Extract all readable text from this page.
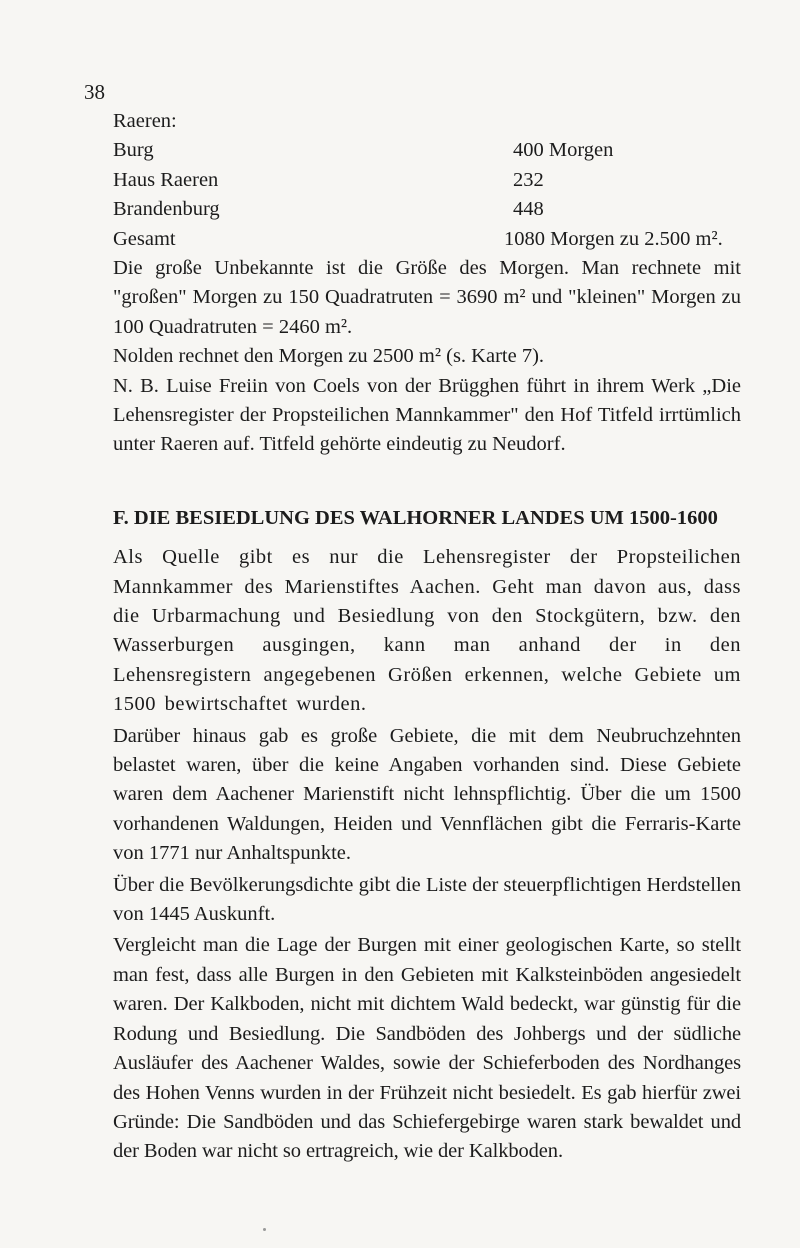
38
Raeren:
Burg	400 Morgen
Haus Raeren	232
Brandenburg	448
Gesamt	1080 Morgen zu 2.500 m².

Die große Unbekannte ist die Größe des Morgen. Man rechnete mit "großen" Morgen zu 150 Quadratruten = 3690 m² und "kleinen" Morgen zu 100 Quadratruten = 2460 m².

Nolden rechnet den Morgen zu 2500 m² (s. Karte 7).

N. B. Luise Freiin von Coels von der Brügghen führt in ihrem Werk „Die Lehensregister der Propsteilichen Mannkammer" den Hof Titfeld irrtümlich unter Raeren auf. Titfeld gehörte eindeutig zu Neudorf.

F. DIE BESIEDLUNG DES WALHORNER LANDES UM 1500-1600

Als Quelle gibt es nur die Lehensregister der Propsteilichen Mannkammer des Marienstiftes Aachen. Geht man davon aus, dass die Urbarmachung und Besiedlung von den Stockgütern, bzw. den Wasserburgen ausgingen, kann man anhand der in den Lehensregistern angegebenen Größen erkennen, welche Gebiete um 1500 bewirtschaftet wurden.

Darüber hinaus gab es große Gebiete, die mit dem Neubruchzehnten belastet waren, über die keine Angaben vorhanden sind. Diese Gebiete waren dem Aachener Marienstift nicht lehnspflichtig. Über die um 1500 vorhandenen Waldungen, Heiden und Vennflächen gibt die Ferraris-Karte von 1771 nur Anhaltspunkte.

Über die Bevölkerungsdichte gibt die Liste der steuerpflichtigen Herdstellen von 1445 Auskunft.

Vergleicht man die Lage der Burgen mit einer geologischen Karte, so stellt man fest, dass alle Burgen in den Gebieten mit Kalksteinböden angesiedelt waren. Der Kalkboden, nicht mit dichtem Wald bedeckt, war günstig für die Rodung und Besiedlung. Die Sandböden des Johbergs und der südliche Ausläufer des Aachener Waldes, sowie der Schieferboden des Nordhanges des Hohen Venns wurden in der Frühzeit nicht besiedelt. Es gab hierfür zwei Gründe: Die Sandböden und das Schiefergebirge waren stark bewaldet und der Boden war nicht so ertragreich, wie der Kalkboden.
